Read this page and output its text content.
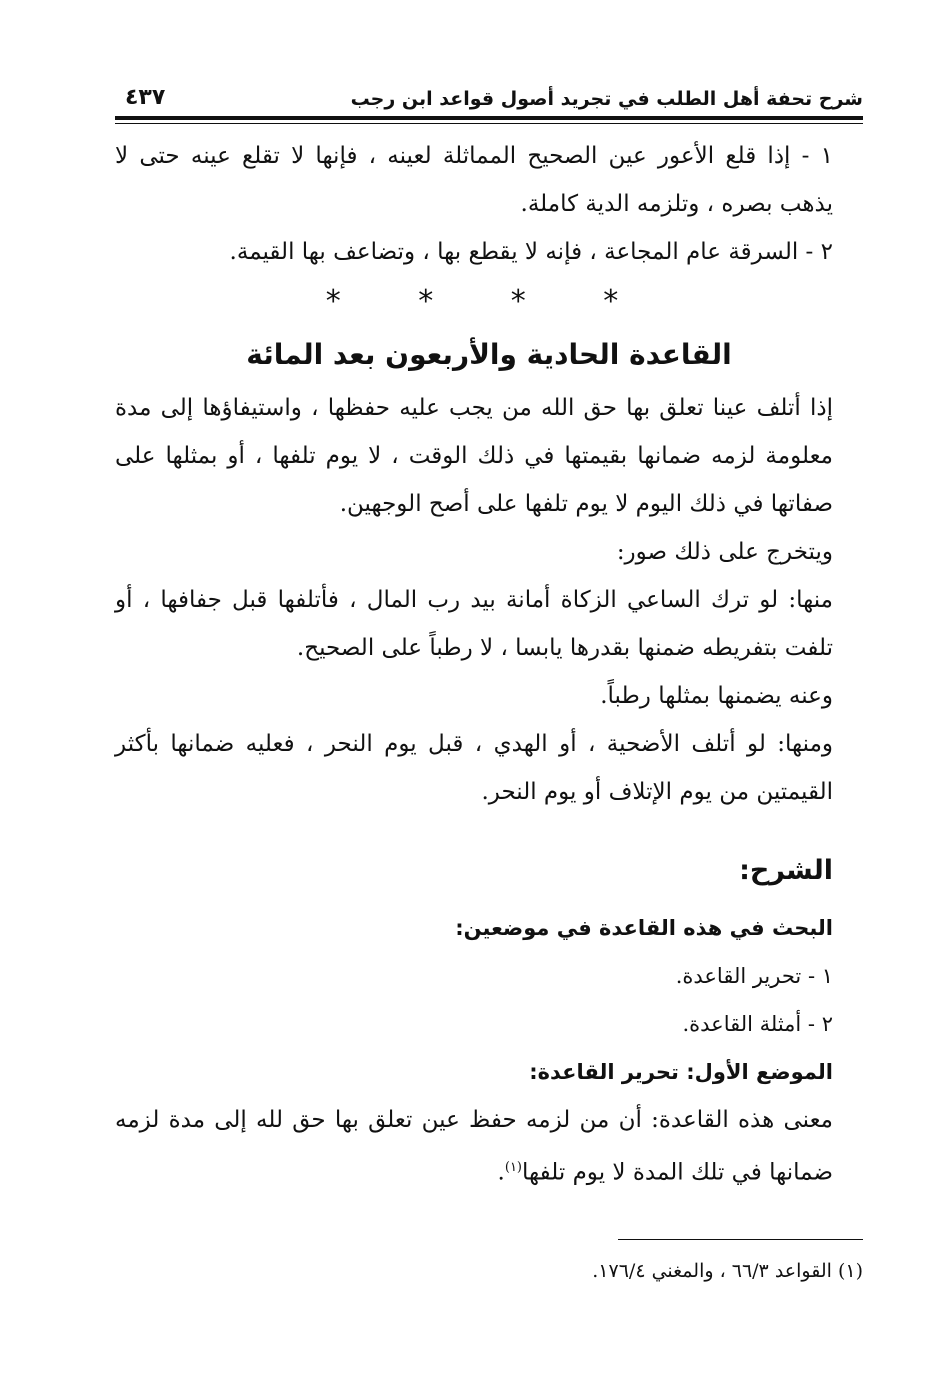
شرح تحفة أهل الطلب في تجريد أصول قواعد ابن رجب
٤٣٧

١ - إذا قلع الأعور عين الصحيح المماثلة لعينه ، فإنها لا تقلع عينه حتى لا يذهب بصره ، وتلزمه الدية كاملة.

٢ - السرقة عام المجاعة ، فإنه لا يقطع بها ، وتضاعف بها القيمة.

* * * *
القاعدة الحادية والأربعون بعد المائة

إذا أتلف عينا تعلق بها حق الله من يجب عليه حفظها ، واستيفاؤها إلى مدة معلومة لزمه ضمانها بقيمتها في ذلك الوقت ، لا يوم تلفها ، أو بمثلها على صفاتها في ذلك اليوم لا يوم تلفها على أصح الوجهين.

ويتخرج على ذلك صور:

منها: لو ترك الساعي الزكاة أمانة بيد رب المال ، فأتلفها قبل جفافها ، أو تلفت بتفريطه ضمنها بقدرها يابسا ، لا رطباً على الصحيح.

وعنه يضمنها بمثلها رطباً.

ومنها: لو أتلف الأضحية ، أو الهدي ، قبل يوم النحر ، فعليه ضمانها بأكثر القيمتين من يوم الإتلاف أو يوم النحر.

الشرح:

البحث في هذه القاعدة في موضعين:

١ - تحرير القاعدة.

٢ - أمثلة القاعدة.

الموضع الأول: تحرير القاعدة:

معنى هذه القاعدة: أن من لزمه حفظ عين تعلق بها حق لله إلى مدة لزمه ضمانها في تلك المدة لا يوم تلفها$^{(١)}$.

(١) القواعد ٦٦/٣ ، والمغني ١٧٦/٤.
